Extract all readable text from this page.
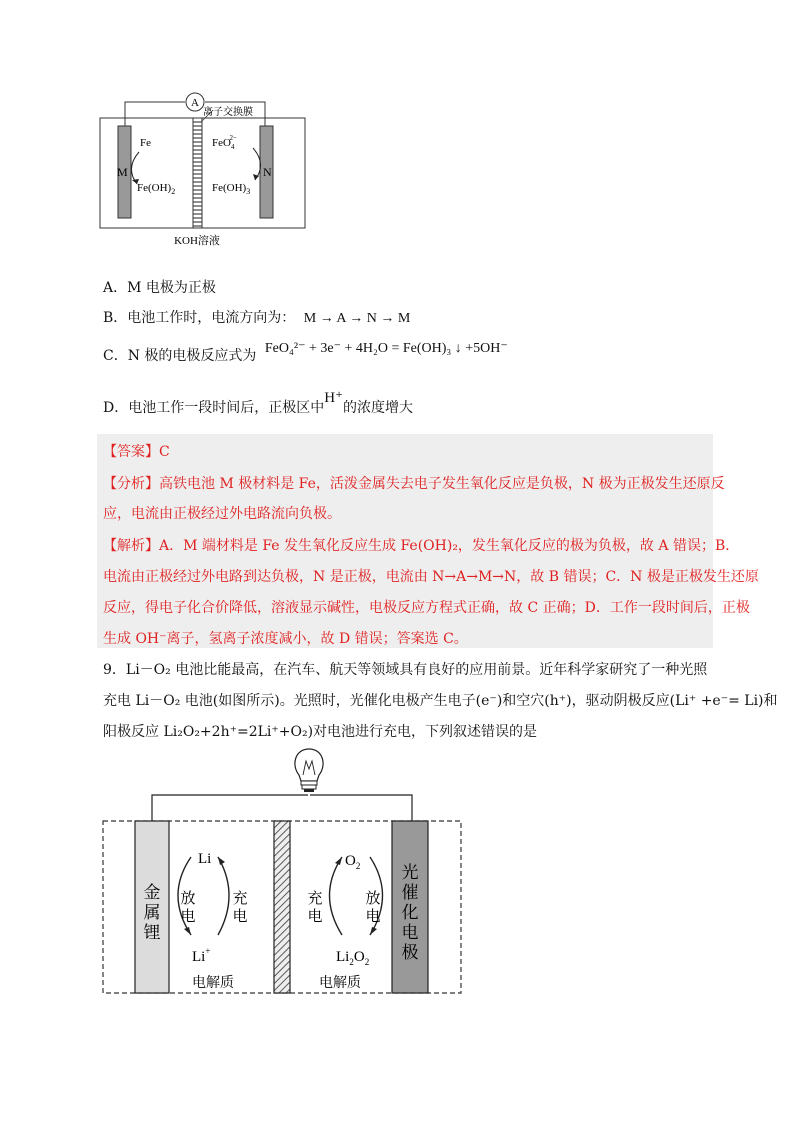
A
离子交换膜
Fe
M
$Fe(OH)_2$
FeO$_4$2−
N
$Fe(OH)_3$
KOH溶液
A．M 电极为正极
B．电池工作时，电流方向为： M → A → N → M
C．N 极的电极反应式为 FeO₄²⁻ + 3e⁻ + 4H₂O = Fe(OH)₃ ↓ +5OH⁻
D．电池工作一段时间后，正极区中H⁺的浓度增大
【答案】C
【分析】高铁电池 M 极材料是 Fe，活泼金属失去电子发生氧化反应是负极，N 极为正极发生还原反
应，电流由正极经过外电路流向负极。
【解析】A．M 端材料是 Fe 发生氧化反应生成 Fe(OH)₂，发生氧化反应的极为负极，故 A 错误；B．
电流由正极经过外电路到达负极，N 是正极，电流由 N→A→M→N，故 B 错误；C．N 极是正极发生还原
反应，得电子化合价降低，溶液显示碱性，电极反应方程式正确，故 C 正确；D．工作一段时间后，正极
生成 OH⁻离子，氢离子浓度减小，故 D 错误；答案选 C。
9．Li－O₂ 电池比能最高，在汽车、航天等领域具有良好的应用前景。近年科学家研究了一种光照
充电 Li－O₂ 电池(如图所示)。光照时，光催化电极产生电子(e⁻)和空穴(h⁺)，驱动阴极反应(Li⁺ +e⁻= Li)和
阳极反应 Li₂O₂+2h⁺=2Li⁺+O₂)对电池进行充电，下列叙述错误的是
金
属
锂
光
催
化
电
极
Li
Li+
放
电
充
电
电解质
$O_2$
$Li_2O_2$
充
电
放
电
电解质
